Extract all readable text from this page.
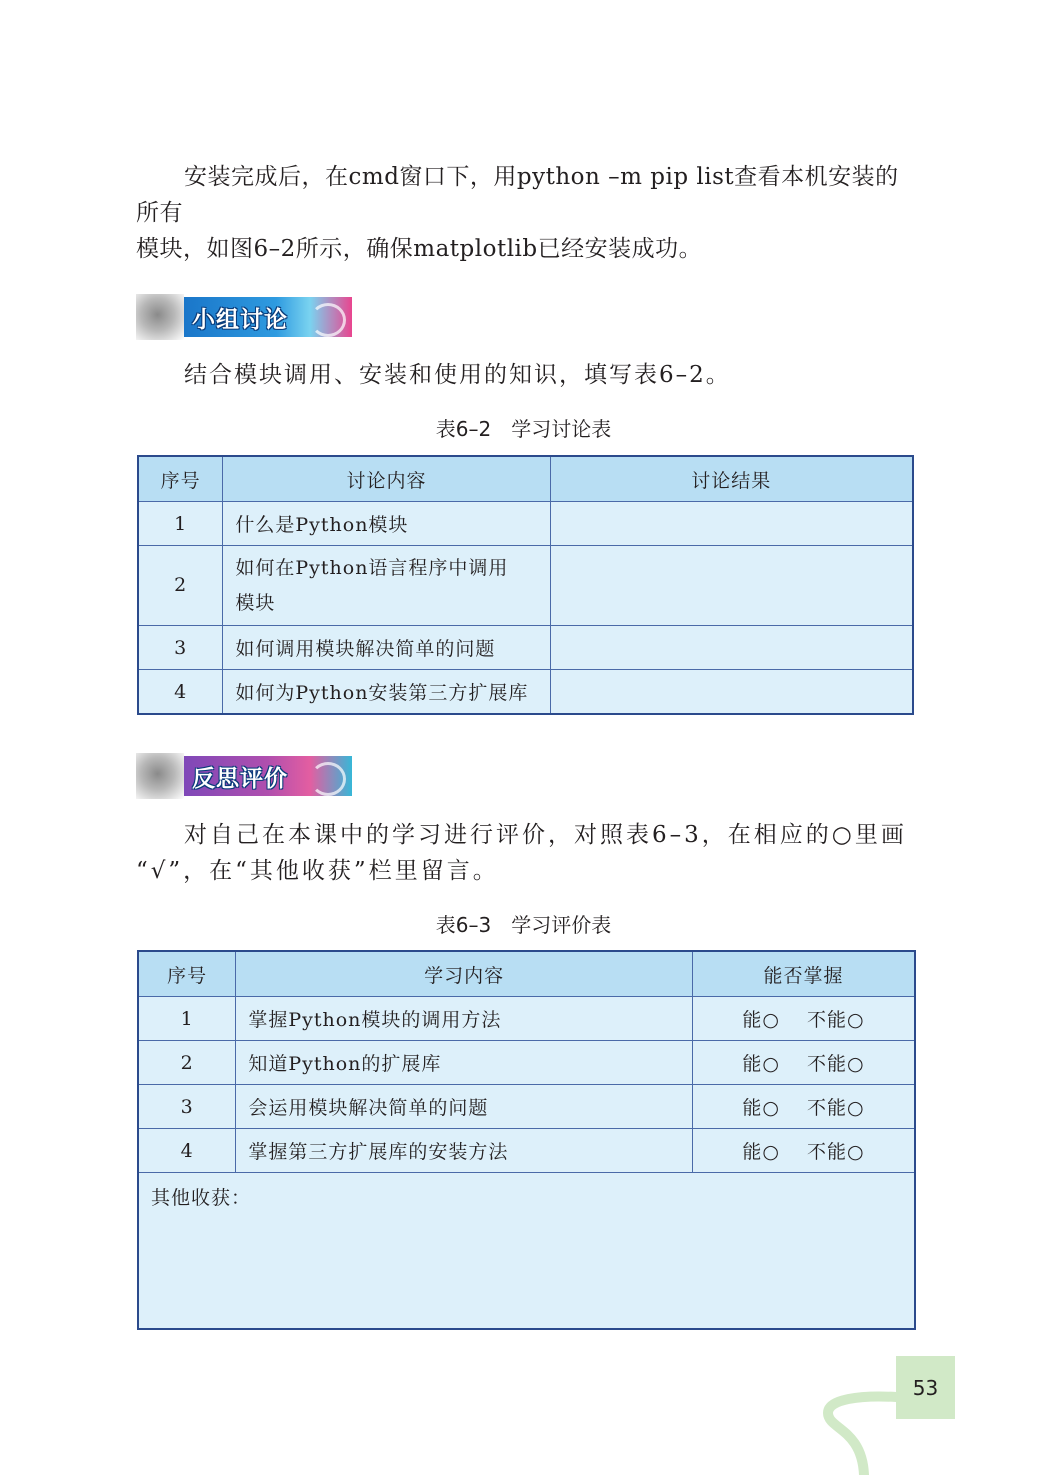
安装完成后，在cmd窗口下，用python –m pip list查看本机安装的所有
模块，如图6–2所示，确保matplotlib已经安装成功。
小组讨论
结合模块调用、安装和使用的知识，填写表6–2。
表6–2　学习讨论表
序号	讨论内容	讨论结果
1	什么是Python模块	
2	如何在Python语言程序中调用
模块	

3	如何调用模块解决简单的问题	
4	如何为Python安装第三方扩展库	
反思评价
对自己在本课中的学习进行评价，对照表6–3，在相应的○里画
“√”，在“其他收获”栏里留言。
表6–3　学习评价表
序号	学习内容	能否掌握
1	掌握Python模块的调用方法	能○　 不能○
2	知道Python的扩展库	能○　 不能○
3	会运用模块解决简单的问题	能○　 不能○
4	掌握第三方扩展库的安装方法	能○　 不能○
其他收获：		
53
